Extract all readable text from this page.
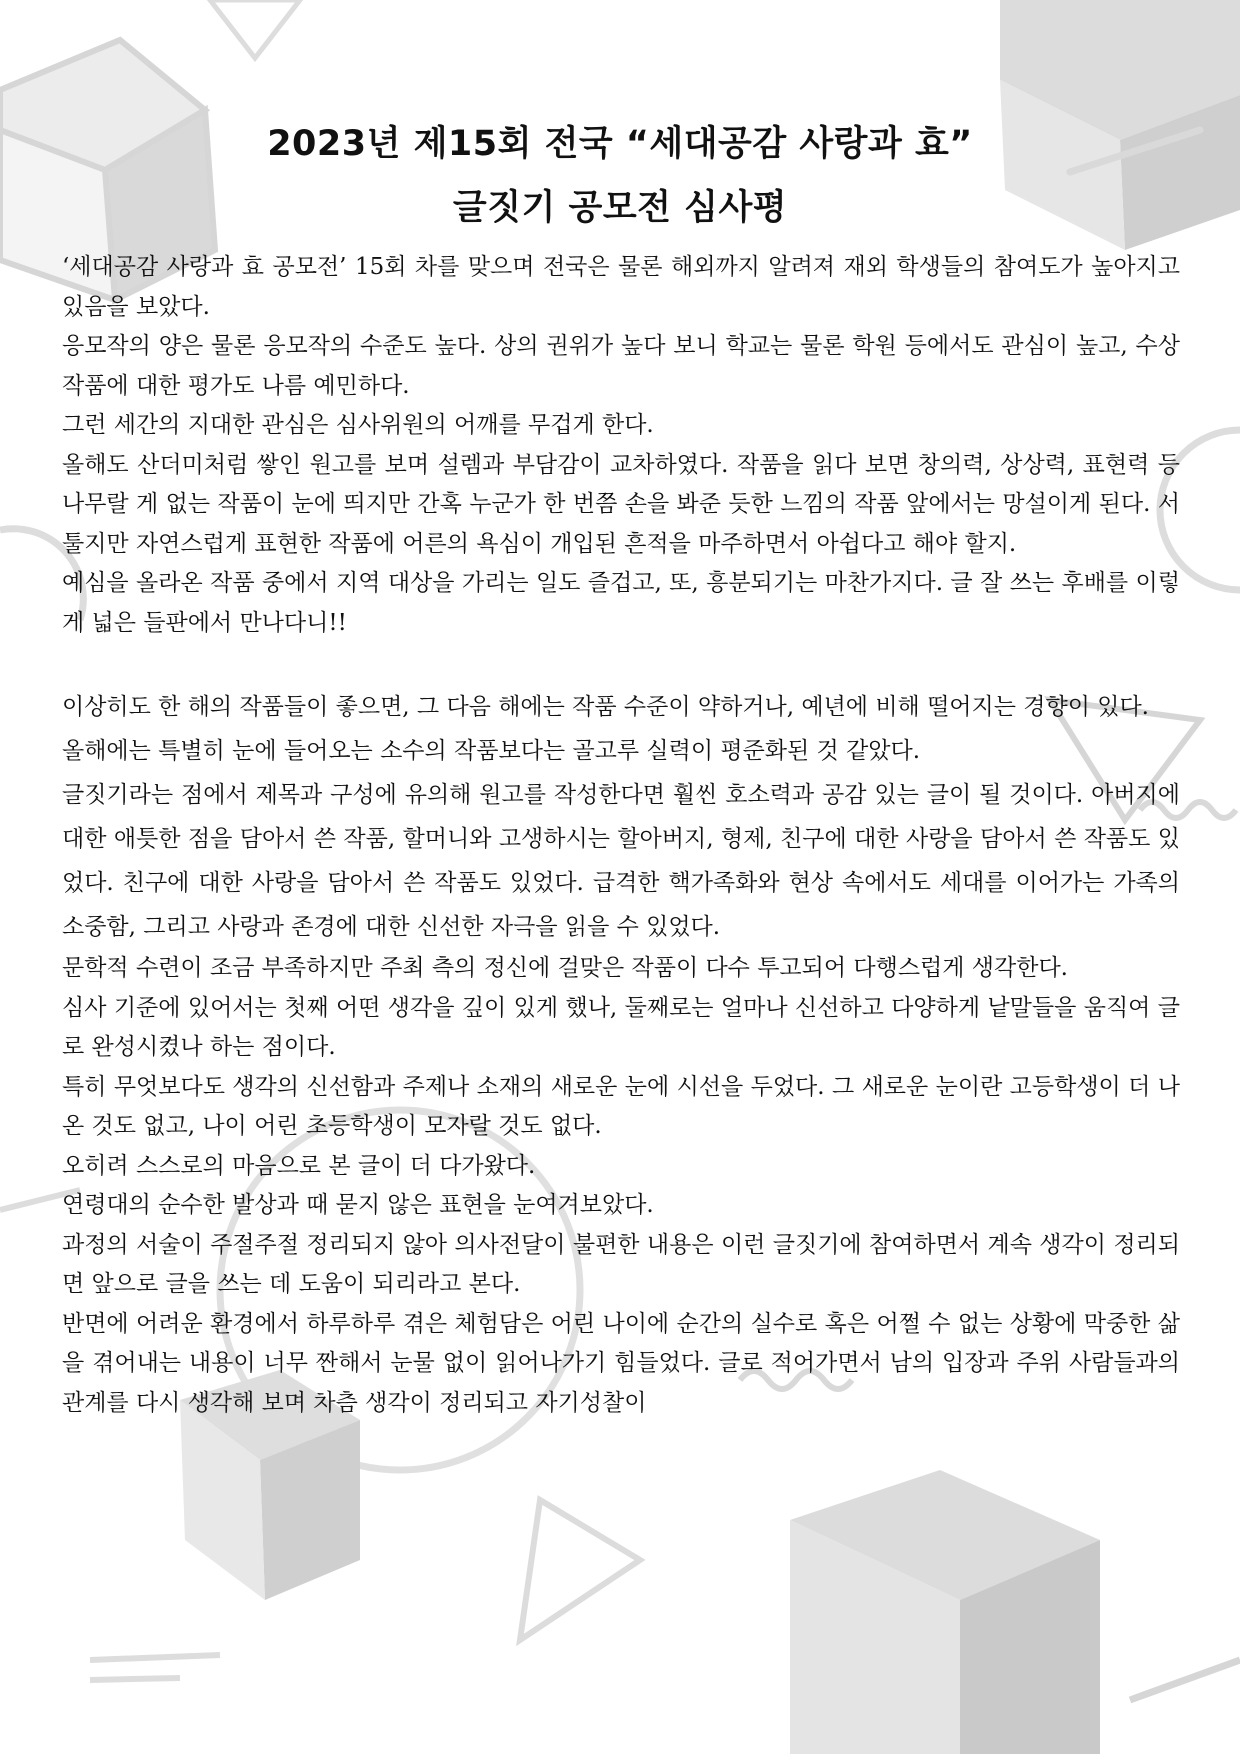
2023년 제15회 전국 “세대공감 사랑과 효”
글짓기 공모전 심사평

‘세대공감 사랑과 효 공모전’ 15회 차를 맞으며 전국은 물론 해외까지 알려져 재외 학생들의 참여도가 높아지고 있음을 보았다.

응모작의 양은 물론 응모작의 수준도 높다. 상의 권위가 높다 보니 학교는 물론 학원 등에서도 관심이 높고, 수상작품에 대한 평가도 나름 예민하다.

그런 세간의 지대한 관심은 심사위원의 어깨를 무겁게 한다.

올해도 산더미처럼 쌓인 원고를 보며 설렘과 부담감이 교차하였다. 작품을 읽다 보면 창의력, 상상력, 표현력 등 나무랄 게 없는 작품이 눈에 띄지만 간혹 누군가 한 번쯤 손을 봐준 듯한 느낌의 작품 앞에서는 망설이게 된다. 서툴지만 자연스럽게 표현한 작품에 어른의 욕심이 개입된 흔적을 마주하면서 아쉽다고 해야 할지.

예심을 올라온 작품 중에서 지역 대상을 가리는 일도 즐겁고, 또, 흥분되기는 마찬가지다. 글 잘 쓰는 후배를 이렇게 넓은 들판에서 만나다니!!

이상히도 한 해의 작품들이 좋으면, 그 다음 해에는 작품 수준이 약하거나, 예년에 비해 떨어지는 경향이 있다.

올해에는 특별히 눈에 들어오는 소수의 작품보다는 골고루 실력이 평준화된 것 같았다.

글짓기라는 점에서 제목과 구성에 유의해 원고를 작성한다면 훨씬 호소력과 공감 있는 글이 될 것이다. 아버지에 대한 애틋한 점을 담아서 쓴 작품, 할머니와 고생하시는 할아버지, 형제, 친구에 대한 사랑을 담아서 쓴 작품도 있었다. 친구에 대한 사랑을 담아서 쓴 작품도 있었다. 급격한 핵가족화와 현상 속에서도 세대를 이어가는 가족의 소중함, 그리고 사랑과 존경에 대한 신선한 자극을 읽을 수 있었다.

문학적 수련이 조금 부족하지만 주최 측의 정신에 걸맞은 작품이 다수 투고되어 다행스럽게 생각한다.

심사 기준에 있어서는 첫째 어떤 생각을 깊이 있게 했나, 둘째로는 얼마나 신선하고 다양하게 낱말들을 움직여 글로 완성시켰나 하는 점이다.

특히 무엇보다도 생각의 신선함과 주제나 소재의 새로운 눈에 시선을 두었다. 그 새로운 눈이란 고등학생이 더 나온 것도 없고, 나이 어린 초등학생이 모자랄 것도 없다.

오히려 스스로의 마음으로 본 글이 더 다가왔다.

연령대의 순수한 발상과 때 묻지 않은 표현을 눈여겨보았다.

과정의 서술이 주절주절 정리되지 않아 의사전달이 불편한 내용은 이런 글짓기에 참여하면서 계속 생각이 정리되면 앞으로 글을 쓰는 데 도움이 되리라고 본다.

반면에 어려운 환경에서 하루하루 겪은 체험담은 어린 나이에 순간의 실수로 혹은 어쩔 수 없는 상황에 막중한 삶을 겪어내는 내용이 너무 짠해서 눈물 없이 읽어나가기 힘들었다. 글로 적어가면서 남의 입장과 주위 사람들과의 관계를 다시 생각해 보며 차츰 생각이 정리되고 자기성찰이
